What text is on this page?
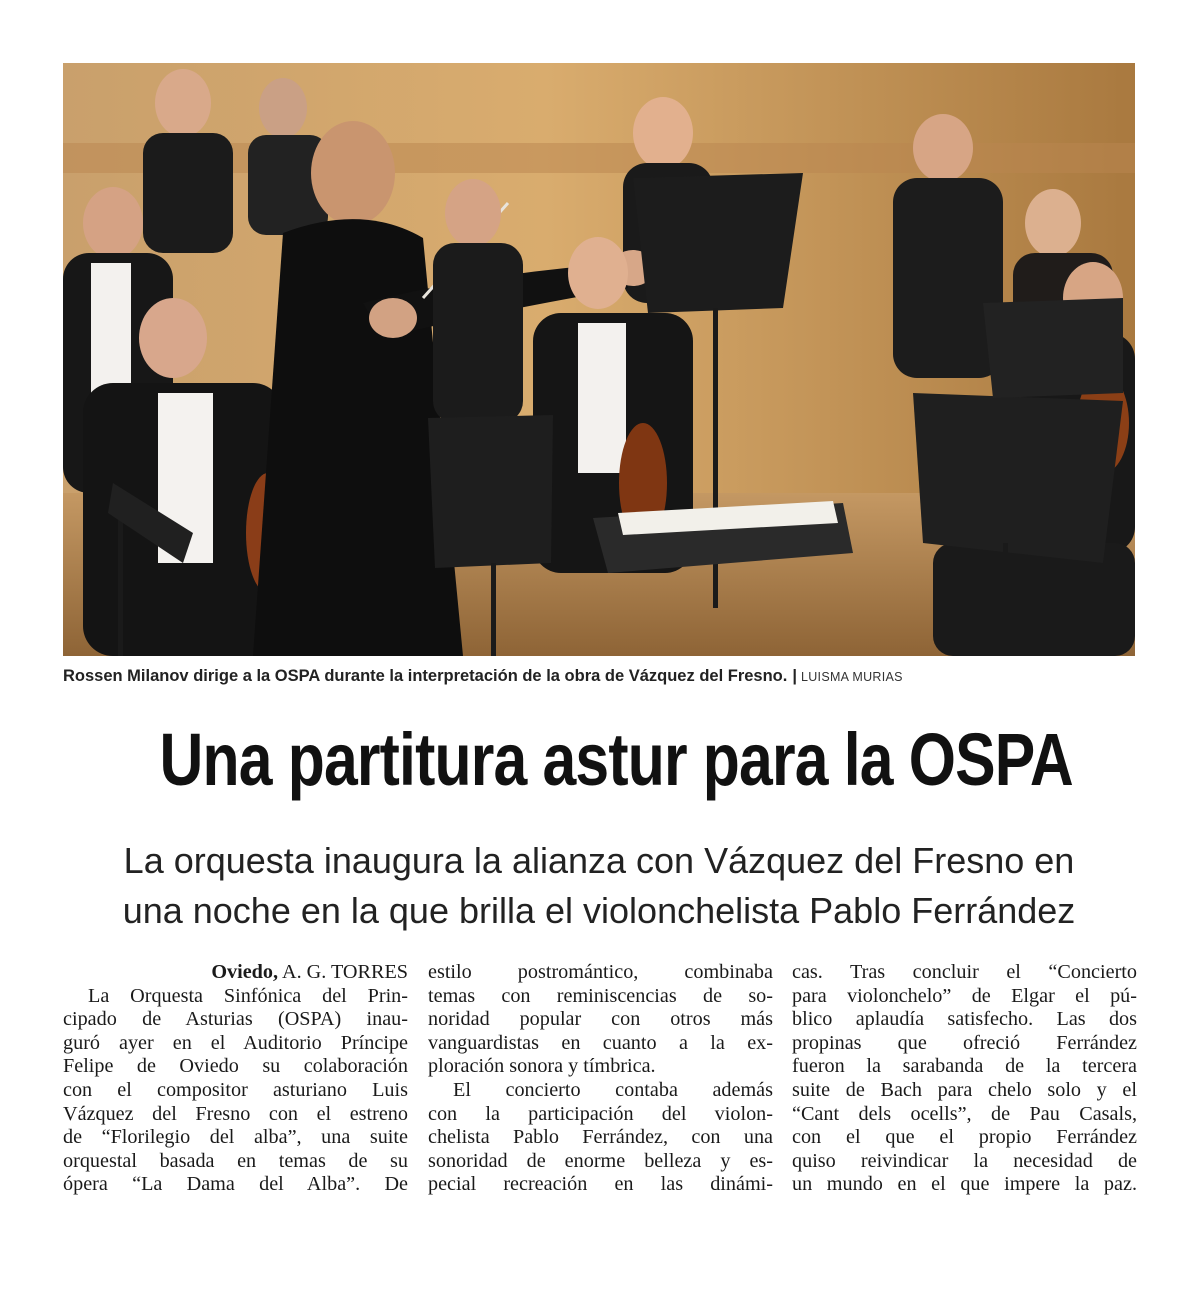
Rossen Milanov dirige a la OSPA durante la interpretación de la obra de Vázquez del Fresno. | LUISMA MURIAS
Una partitura astur para la OSPA
La orquesta inaugura la alianza con Vázquez del Fresno en
una noche en la que brilla el violonchelista Pablo Ferrández
Oviedo, A. G. TORRES
La Orquesta Sinfónica del Prin-
cipado de Asturias (OSPA) inau-
guró ayer en el Auditorio Príncipe
Felipe de Oviedo su colaboración
con el compositor asturiano Luis
Vázquez del Fresno con el estreno
de “Florilegio del alba”, una suite
orquestal basada en temas de su
ópera “La Dama del Alba”. De
estilo postromántico, combinaba
temas con reminiscencias de so-
noridad popular con otros más
vanguardistas en cuanto a la ex-
ploración sonora y tímbrica.
El concierto contaba además
con la participación del violon-
chelista Pablo Ferrández, con una
sonoridad de enorme belleza y es-
pecial recreación en las dinámi-
cas. Tras concluir el “Concierto
para violonchelo” de Elgar el pú-
blico aplaudía satisfecho. Las dos
propinas que ofreció Ferrández
fueron la sarabanda de la tercera
suite de Bach para chelo solo y el
“Cant dels ocells”, de Pau Casals,
con el que el propio Ferrández
quiso reivindicar la necesidad de
un mundo en el que impere la paz.
